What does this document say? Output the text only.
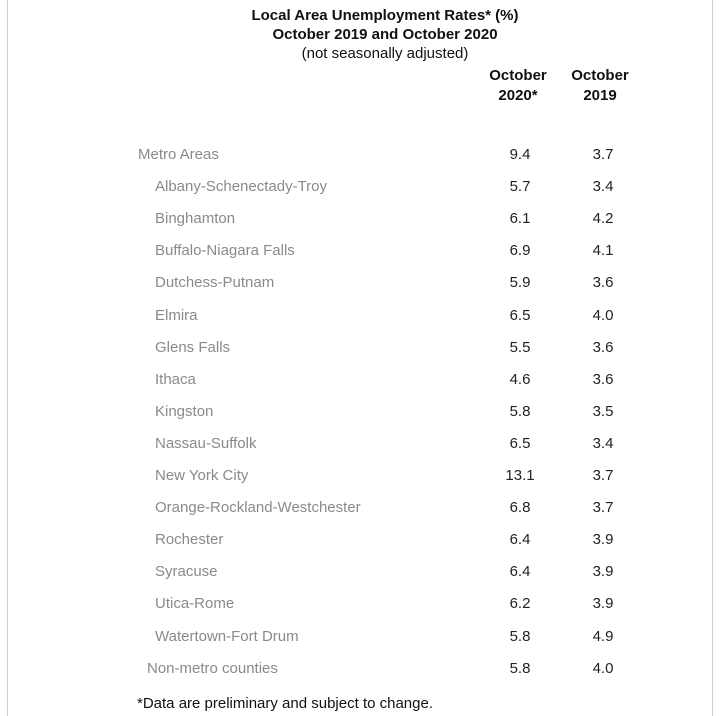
Local Area Unemployment Rates* (%)
October 2019 and October 2020
(not seasonally adjusted)
October
2020*
October
2019
Metro Areas	9.4	3.7
Albany-Schenectady-Troy	5.7	3.4
Binghamton	6.1	4.2
Buffalo-Niagara Falls	6.9	4.1
Dutchess-Putnam	5.9	3.6
Elmira	6.5	4.0
Glens Falls	5.5	3.6
Ithaca	4.6	3.6
Kingston	5.8	3.5
Nassau-Suffolk	6.5	3.4
New York City	13.1	3.7
Orange-Rockland-Westchester	6.8	3.7
Rochester	6.4	3.9
Syracuse	6.4	3.9
Utica-Rome	6.2	3.9
Watertown-Fort Drum	5.8	4.9
Non-metro counties	5.8	4.0
*Data are preliminary and subject to change.
